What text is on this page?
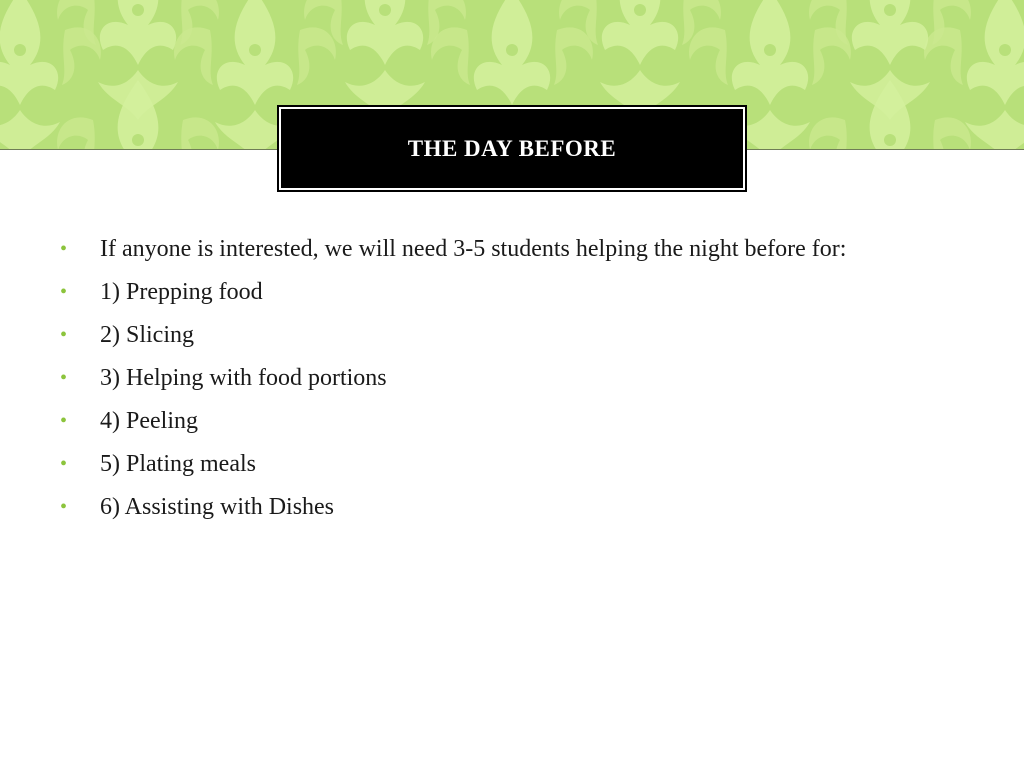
THE DAY BEFORE
• If anyone is interested, we will need 3-5 students helping the night before for:
• 1) Prepping food
• 2) Slicing
• 3) Helping with food portions
• 4) Peeling
• 5) Plating meals
• 6) Assisting with Dishes
